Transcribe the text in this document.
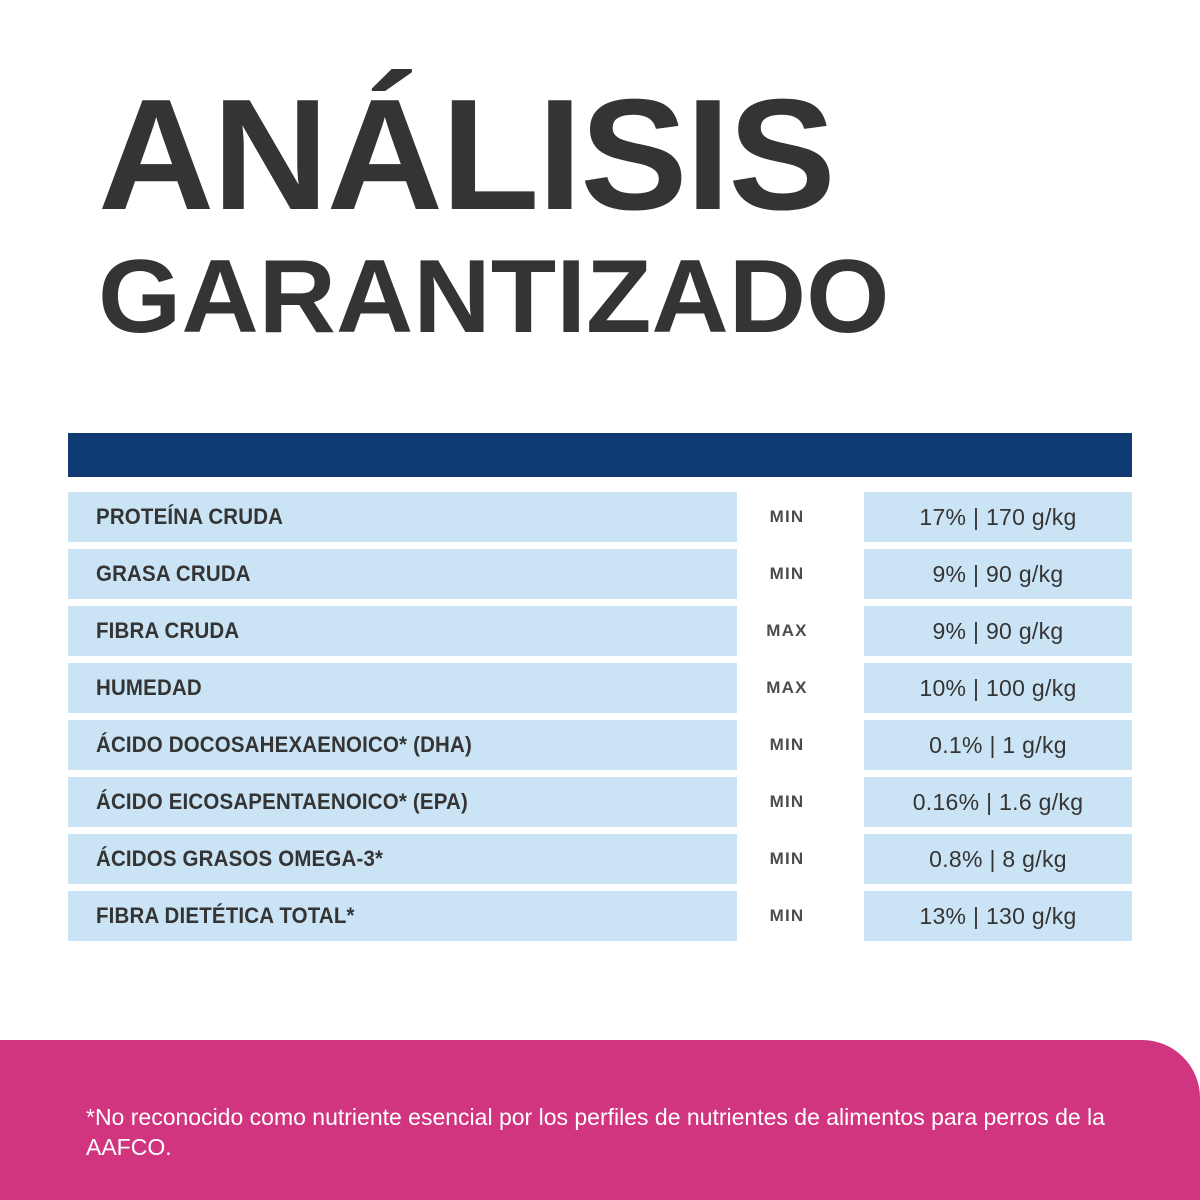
ANÁLISIS
GARANTIZADO
PROTEÍNA CRUDA	MIN	17% | 170 g/kg
GRASA CRUDA	MIN	9% | 90 g/kg
FIBRA CRUDA	MAX	9% | 90 g/kg
HUMEDAD	MAX	10% | 100 g/kg
ÁCIDO DOCOSAHEXAENOICO* (DHA)	MIN	0.1% | 1 g/kg
ÁCIDO EICOSAPENTAENOICO* (EPA)	MIN	0.16% | 1.6 g/kg
ÁCIDOS GRASOS OMEGA-3*	MIN	0.8% | 8 g/kg
FIBRA DIETÉTICA TOTAL*	MIN	13% | 130 g/kg
*No reconocido como nutriente esencial por los perfiles de nutrientes de alimentos para perros de la AAFCO.
